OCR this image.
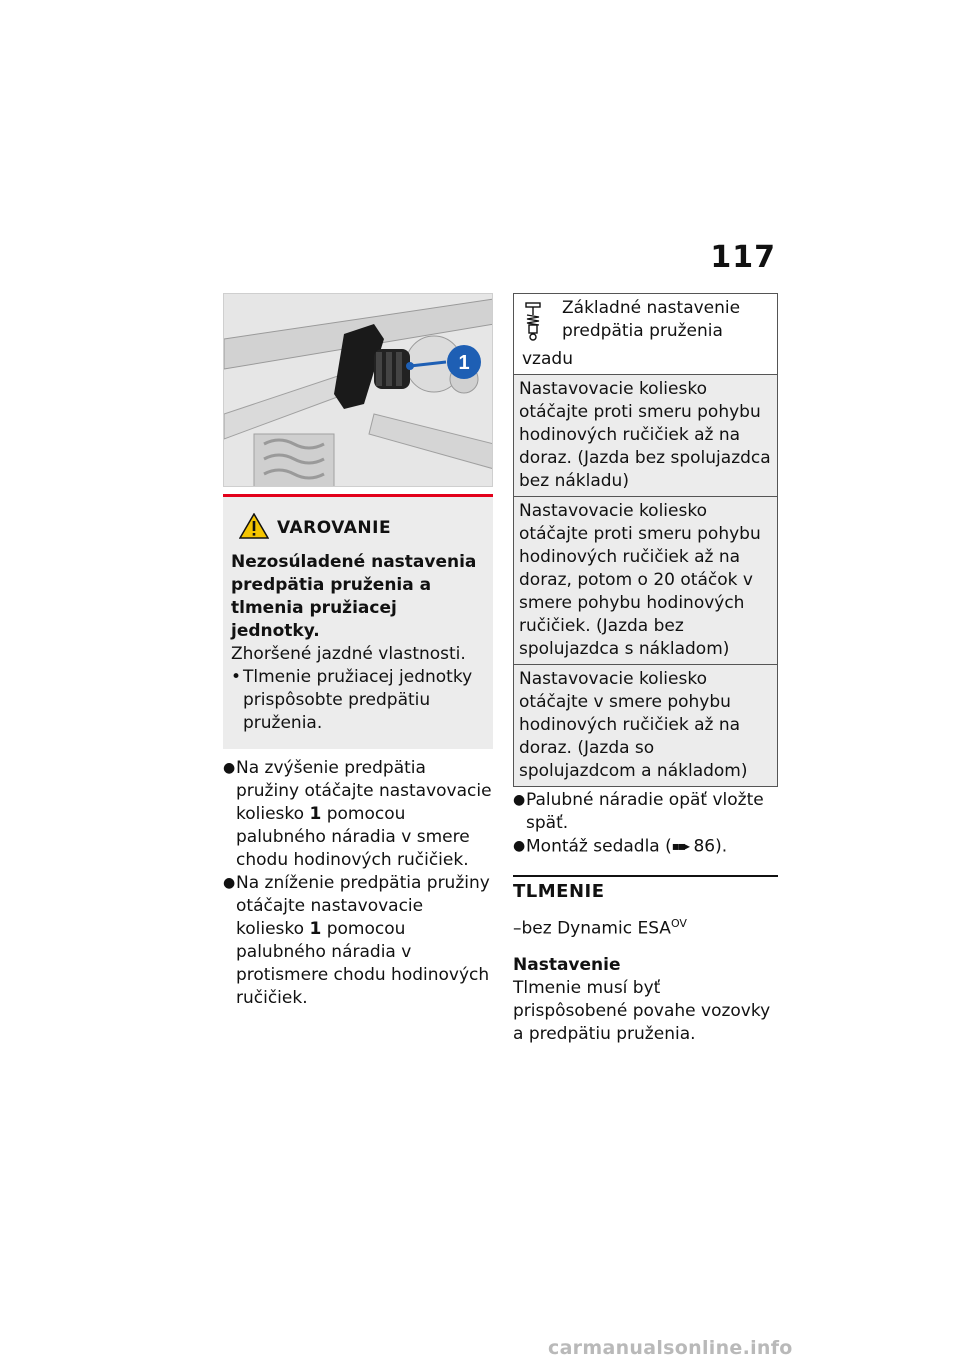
117
1
VAROVANIE
Nezosúladené nastavenia predpätia pruženia a tlmenia pružiacej jednotky.
Zhoršené jazdné vlastnosti.
• Tlmenie pružiacej jednotky prispôsobte predpätiu pruženia.
● Na zvýšenie predpätia pružiny otáčajte nastavovacie koliesko 1 pomocou palubného náradia v smere chodu hodinových ručičiek.
● Na zníženie predpätia pružiny otáčajte nastavovacie koliesko 1 pomocou palubného náradia v protismere chodu hodinových ručičiek.
Základné nastavenie
predpätia pruženia
vzadu

Nastavovacie koliesko otáčajte proti smeru pohybu hodinových ručičiek až na doraz. (Jazda bez spolujazdca bez nákladu)
Nastavovacie koliesko otáčajte proti smeru pohybu hodinových ručičiek až na doraz, potom o 20 otáčok v smere pohybu hodinových ručičiek. (Jazda bez spolujazdca s nákladom)
Nastavovacie koliesko otáčajte v smere pohybu hodinových ručičiek až na doraz. (Jazda so spolujazdcom a nákladom)
● Palubné náradie opäť vložte späť.
● Montáž sedadla (▪▪▸ 86).
TLMENIE
–bez Dynamic $ESA^{OV}$
Nastavenie
Tlmenie musí byť prispôsobené povahe vozovky a predpätiu pruženia.
carmanualsonline.info
